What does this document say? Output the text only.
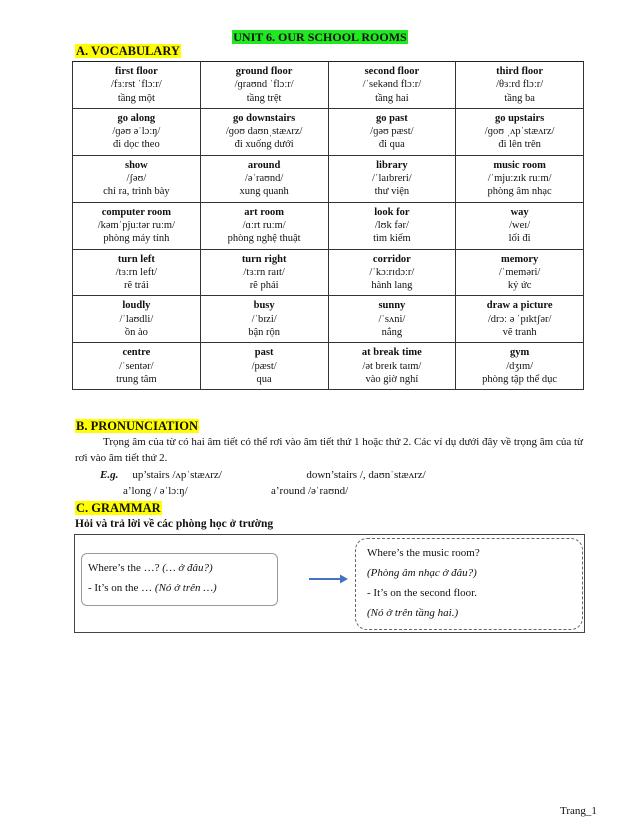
UNIT 6. OUR SCHOOL ROOMS
A. VOCABULARY
first floor
/fɜːrst ˈflɔːr/
tầng một	ground floor
/ɡraʊnd ˈflɔːr/
tầng trệt	second floor
/ˈsekənd flɔːr/
tầng hai	third floor
/θɜːrd flɔːr/
tầng ba

go along
/ɡəʊ əˈlɔːŋ/
đi dọc theo	go downstairs
/ɡoʊ daʊnˌstæʌrz/
đi xuống dưới	go past
/ɡəʊ pæst/
đi qua	go upstairs
/ɡoʊ ˌʌpˈstæʌrz/
đi lên trên

show
/ʃəʊ/
chỉ ra, trình bày	around
/əˈraʊnd/
xung quanh	library
/ˈlaɪbreri/
thư viện	music room
/ˈmjuːzɪk ruːm/
phòng âm nhạc

computer room
/kəmˈpjuːtər ruːm/
phòng máy tính	art room
/ɑːrt ruːm/
phòng nghệ thuật	look for
/lʊk fər/
tìm kiếm	way
/weɪ/
lối đi

turn left
/tɜːrn left/
rẽ trái	turn right
/tɜːrn raɪt/
rẽ phải	corridor
/ˈkɔːrɪdɔːr/
hành lang	memory
/ˈmeməri/
ký ức

loudly
/ˈlaʊdli/
ồn ào	busy
/ˈbɪzi/
bận rộn	sunny
/ˈsʌni/
nắng	draw a picture
/drɔː ə ˈpɪktʃər/
vẽ tranh

centre
/ˈsentər/
trung tâm	past
/pæst/
qua	at break time
/ət breɪk taɪm/
vào giờ nghỉ	gym
/dʒɪm/
phòng tập thể dục
B. PRONUNCIATION
Trọng âm của từ có hai âm tiết có thể rơi vào âm tiết thứ 1 hoặc thứ 2. Các ví dụ dưới đây về trọng âm của từ rơi vào âm tiết thứ 2.
E.g. up’stairs /ʌpˈstæʌrz/	down’stairs /, daʊnˈstæʌrz/
a’long / əˈlɔːŋ/	a’round /əˈraʊnd/
C. GRAMMAR
Hỏi và trả lời về các phòng học ở trường
Where’s the …? (… ở đâu?)
- It’s on the … (Nó ở trên …)
Where’s the music room?
(Phòng âm nhạc ở đâu?)
- It’s on the second floor.
(Nó ở trên tầng hai.)
Trang_1
